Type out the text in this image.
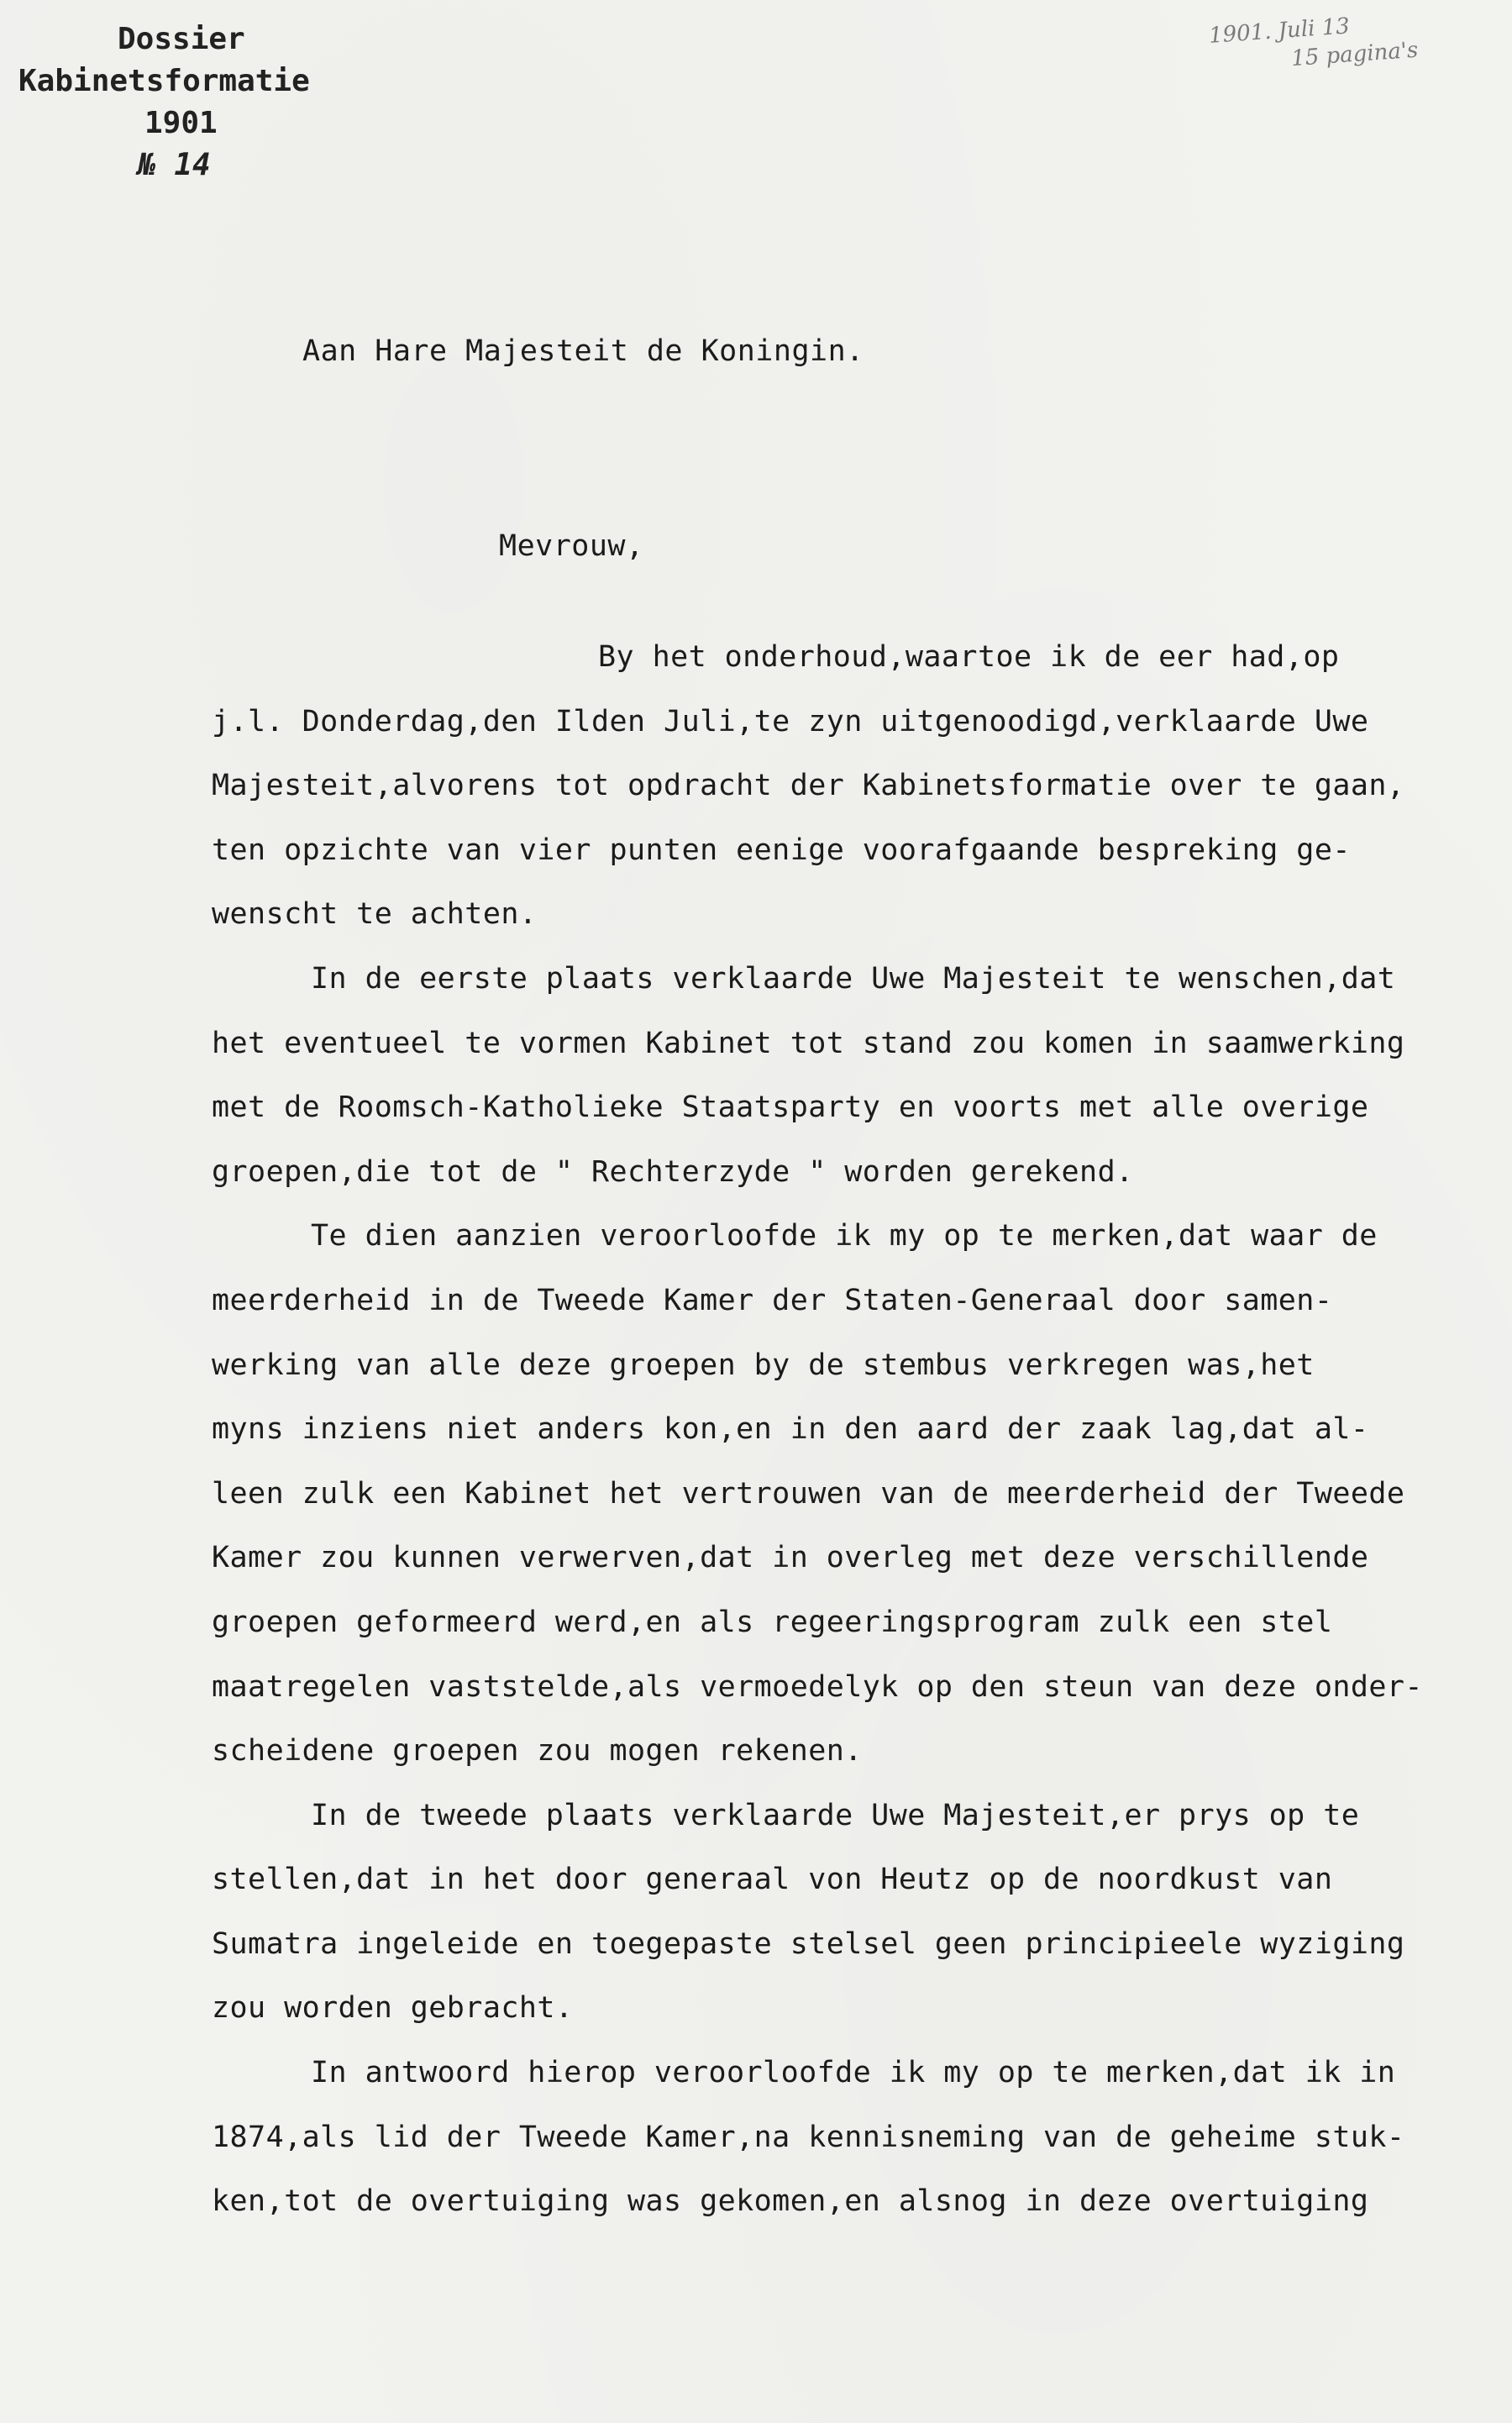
Dossier
Kabinetsformatie
1901
№ 14
1901. Juli 13
15 pagina's
Aan Hare Majesteit de Koningin.
Mevrouw,
By het onderhoud,waartoe ik de eer had,op
j.l. Donderdag,den Ilden Juli,te zyn uitgenoodigd,verklaarde Uwe
Majesteit,alvorens tot opdracht der Kabinetsformatie over te gaan,
ten opzichte van vier punten eenige voorafgaande bespreking ge-
wenscht te achten.
In de eerste plaats verklaarde Uwe Majesteit te wenschen,dat
het eventueel te vormen Kabinet tot stand zou komen in saamwerking
met de Roomsch-Katholieke Staatsparty en voorts met alle overige
groepen,die tot de " Rechterzyde " worden gerekend.
Te dien aanzien veroorloofde ik my op te merken,dat waar de
meerderheid in de Tweede Kamer der Staten-Generaal door samen-
werking van alle deze groepen by de stembus verkregen was,het
myns inziens niet anders kon,en in den aard der zaak lag,dat al-
leen zulk een Kabinet het vertrouwen van de meerderheid der Tweede
Kamer zou kunnen verwerven,dat in overleg met deze verschillende
groepen geformeerd werd,en als regeeringsprogram zulk een stel
maatregelen vaststelde,als vermoedelyk op den steun van deze onder-
scheidene groepen zou mogen rekenen.
In de tweede plaats verklaarde Uwe Majesteit,er prys op te
stellen,dat in het door generaal von Heutz op de noordkust van
Sumatra ingeleide en toegepaste stelsel geen principieele wyziging
zou worden gebracht.
In antwoord hierop veroorloofde ik my op te merken,dat ik in
1874,als lid der Tweede Kamer,na kennisneming van de geheime stuk-
ken,tot de overtuiging was gekomen,en alsnog in deze overtuiging
